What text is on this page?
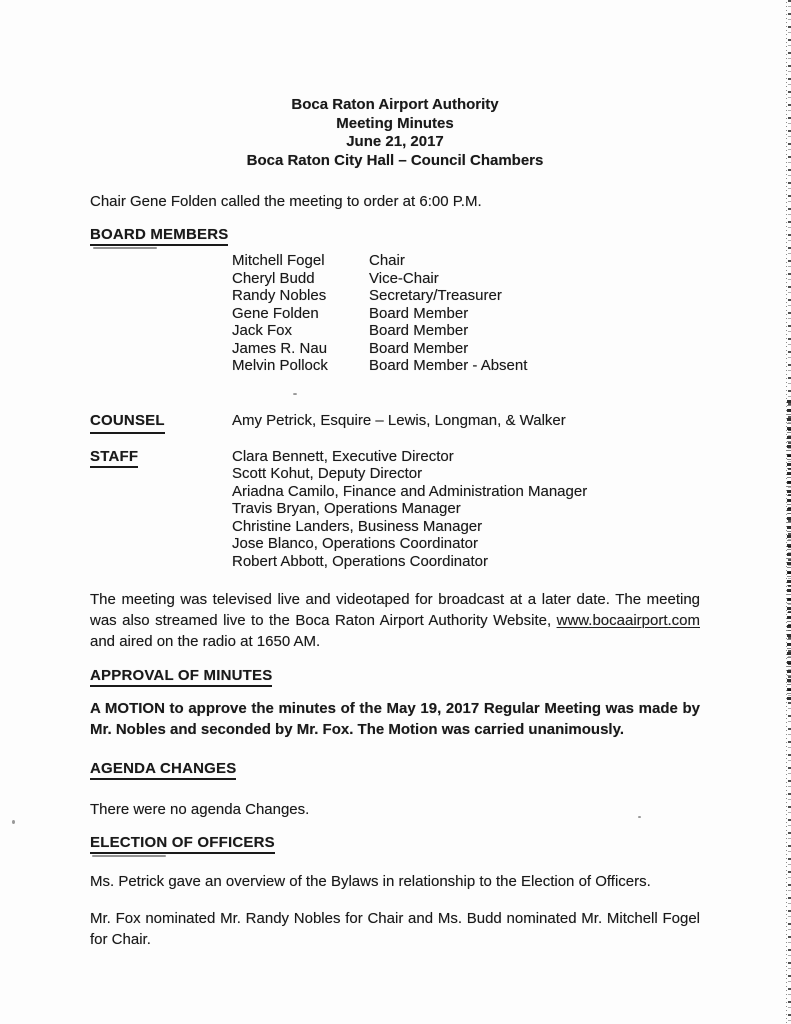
Boca Raton Airport Authority
Meeting Minutes
June 21, 2017
Boca Raton City Hall – Council Chambers

Chair Gene Folden called the meeting to order at 6:00 P.M.

BOARD MEMBERS
Mitchell Fogel	Chair
Cheryl Budd	Vice-Chair
Randy Nobles	Secretary/Treasurer
Gene Folden	Board Member
Jack Fox	Board Member
James R. Nau	Board Member
Melvin Pollock	Board Member - Absent
COUNSEL	Amy Petrick, Esquire – Lewis, Longman, & Walker
STAFF	Clara Bennett, Executive Director
Scott Kohut, Deputy Director
Ariadna Camilo, Finance and Administration Manager
Travis Bryan, Operations Manager
Christine Landers, Business Manager
Jose Blanco, Operations Coordinator
Robert Abbott, Operations Coordinator

The meeting was televised live and videotaped for broadcast at a later date. The meeting was also streamed live to the Boca Raton Airport Authority Website, www.bocaairport.com and aired on the radio at 1650 AM.

APPROVAL OF MINUTES

A MOTION to approve the minutes of the May 19, 2017 Regular Meeting was made by Mr. Nobles and seconded by Mr. Fox. The Motion was carried unanimously.

AGENDA CHANGES

There were no agenda Changes.

ELECTION OF OFFICERS

Ms. Petrick gave an overview of the Bylaws in relationship to the Election of Officers.

Mr. Fox nominated Mr. Randy Nobles for Chair and Ms. Budd nominated Mr. Mitchell Fogel for Chair.
